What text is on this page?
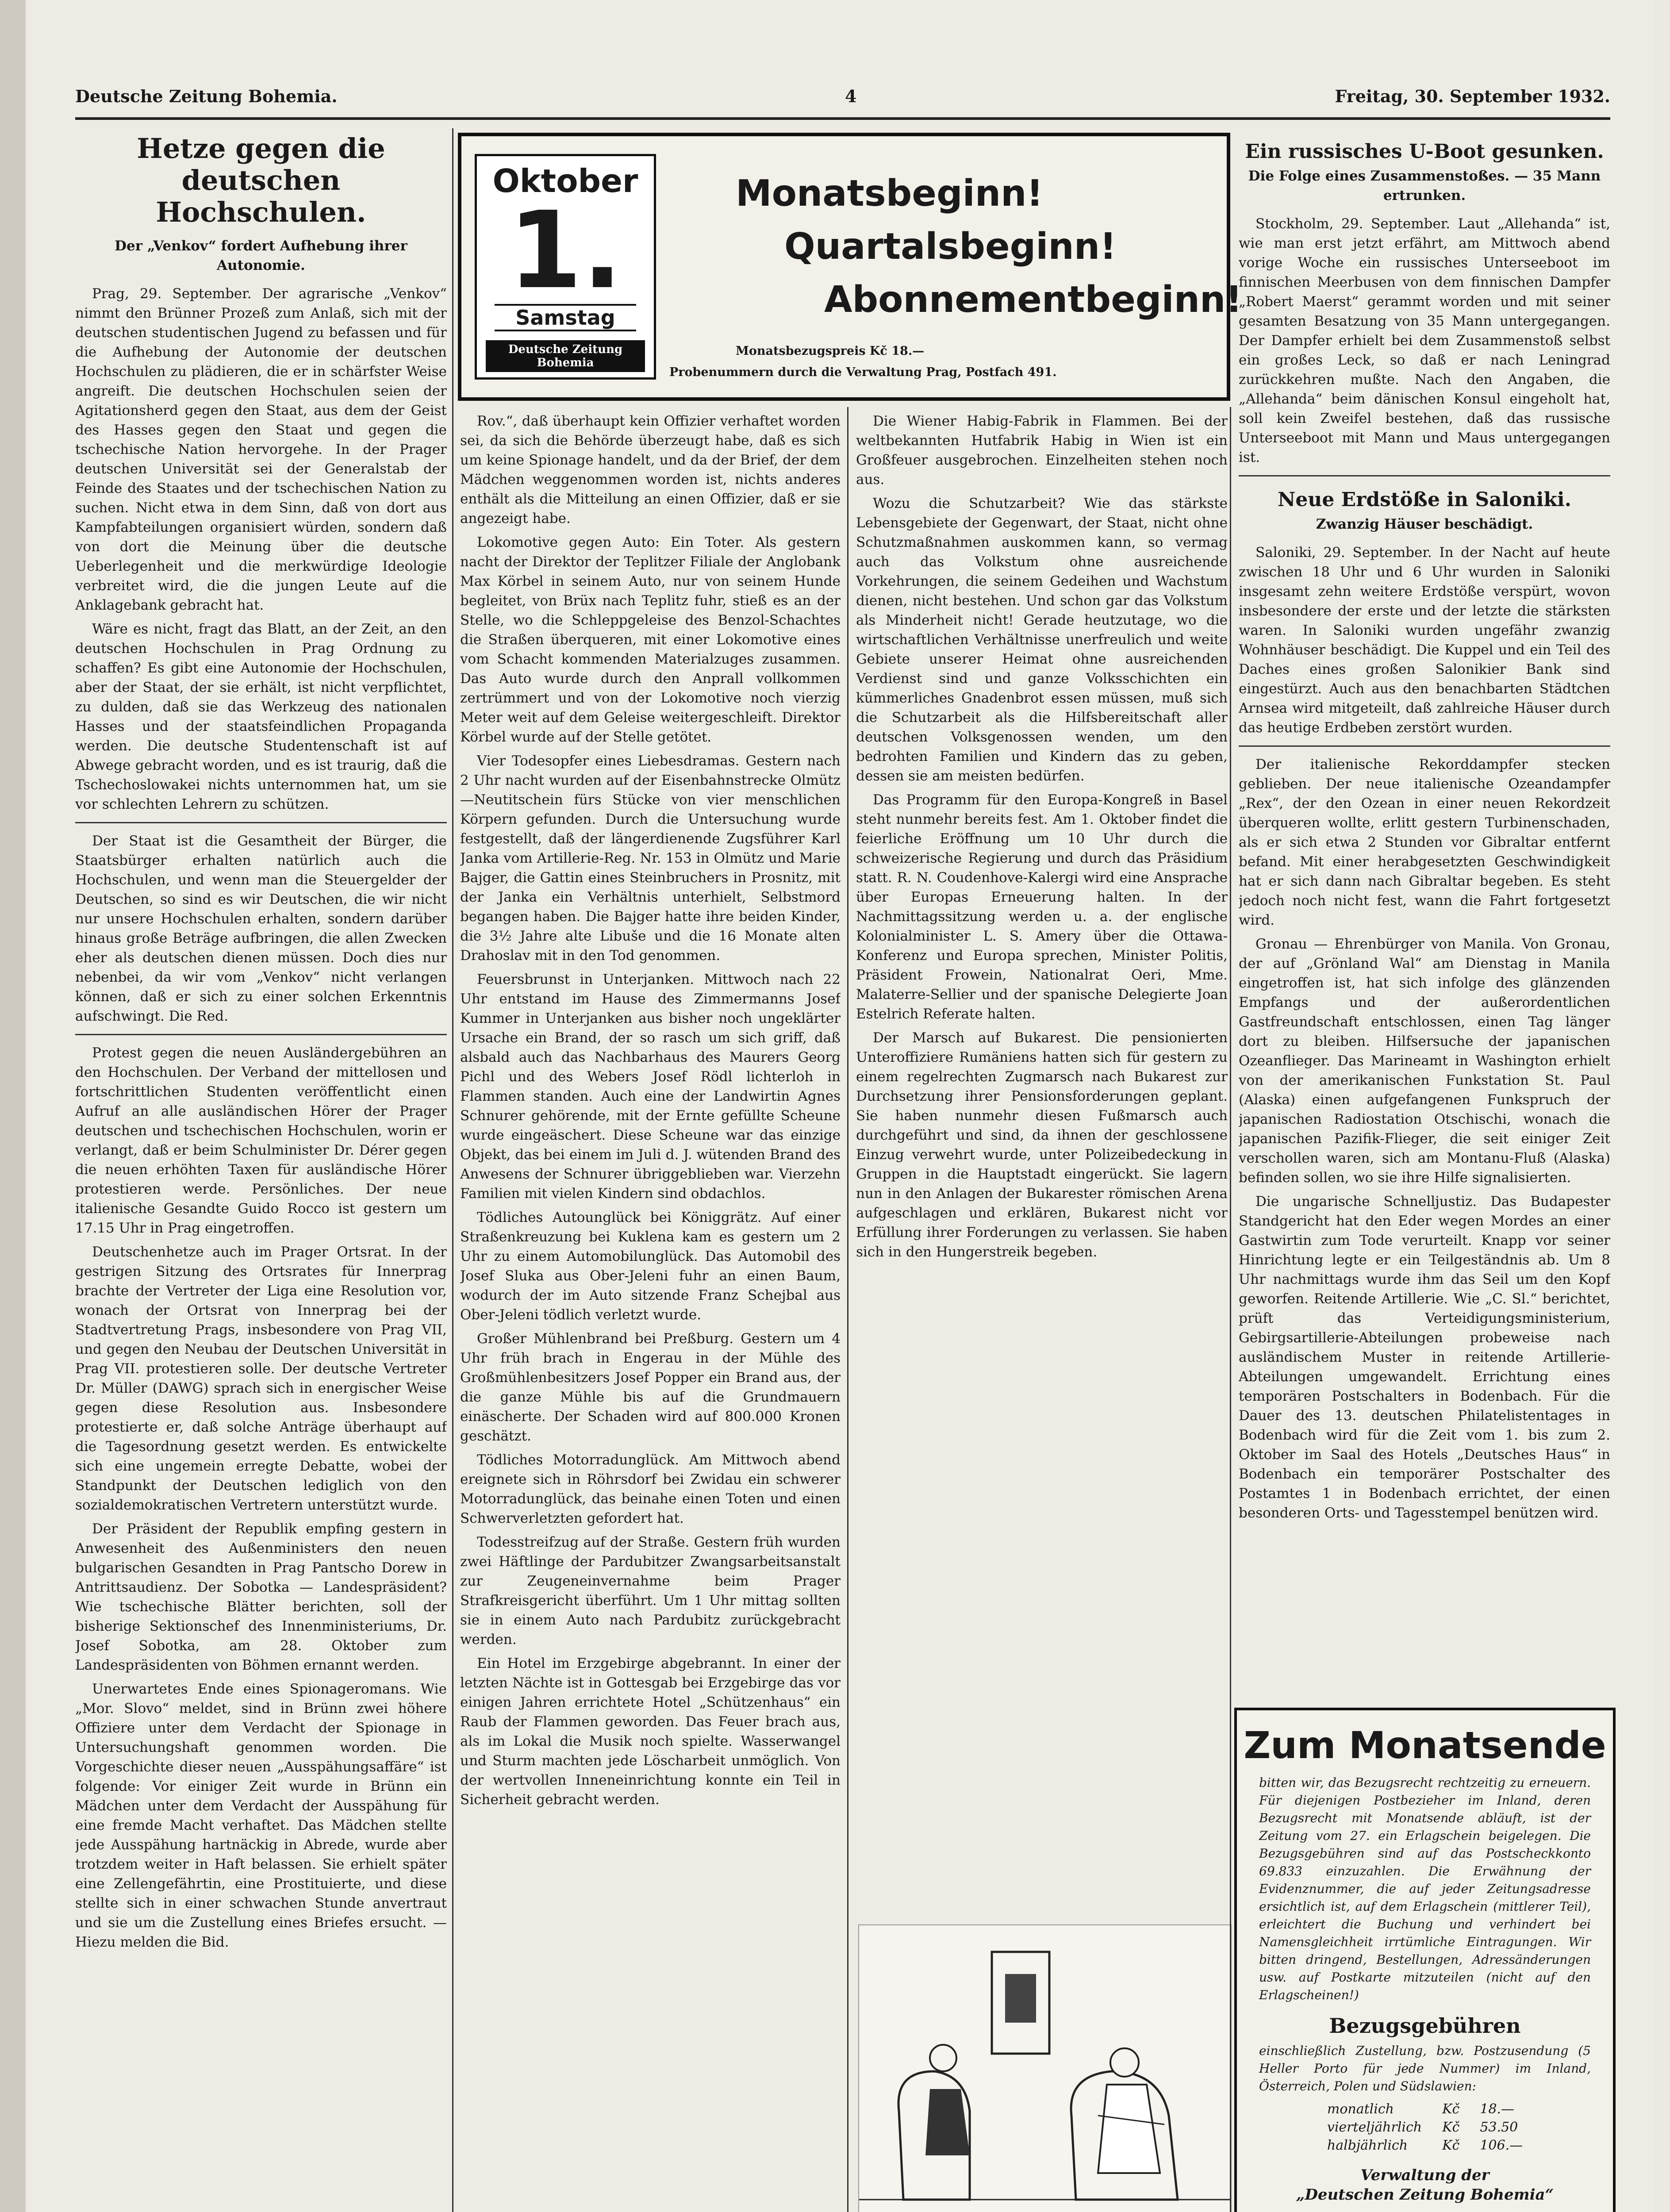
Deutsche Zeitung Bohemia.	4	Freitag, 30. September 1932.
Hetze gegen die deutschen Hochschulen.
Der „Venkov“ fordert Aufhebung ihrer Autonomie.

Prag, 29. September. Der agrarische „Venkov“ nimmt den Brünner Prozeß zum Anlaß, sich mit der deutschen studentischen Jugend zu befassen und für die Aufhebung der Autonomie der deutschen Hochschulen zu plädieren, die er in schärfster Weise angreift. Die deutschen Hochschulen seien der Agitationsherd gegen den Staat, aus dem der Geist des Hasses gegen den Staat und gegen die tschechische Nation hervorgehe. In der Prager deutschen Universität sei der Generalstab der Feinde des Staates und der tschechischen Nation zu suchen. Nicht etwa in dem Sinn, daß von dort aus Kampfabteilungen organisiert würden, sondern daß von dort die Meinung über die deutsche Ueberlegenheit und die merkwürdige Ideologie verbreitet wird, die die jungen Leute auf die Anklagebank gebracht hat.

Wäre es nicht, fragt das Blatt, an der Zeit, an den deutschen Hochschulen in Prag Ordnung zu schaffen? Es gibt eine Autonomie der Hochschulen, aber der Staat, der sie erhält, ist nicht verpflichtet, zu dulden, daß sie das Werkzeug des nationalen Hasses und der staatsfeindlichen Propaganda werden. Die deutsche Studentenschaft ist auf Abwege gebracht worden, und es ist traurig, daß die Tschechoslowakei nichts unternommen hat, um sie vor schlechten Lehrern zu schützen.

Der Staat ist die Gesamtheit der Bürger, die Staatsbürger erhalten natürlich auch die Hochschulen, und wenn man die Steuergelder der Deutschen, so sind es wir Deutschen, die wir nicht nur unsere Hochschulen erhalten, sondern darüber hinaus große Beträge aufbringen, die allen Zwecken eher als deutschen dienen müssen. Doch dies nur nebenbei, da wir vom „Venkov“ nicht verlangen können, daß er sich zu einer solchen Erkenntnis aufschwingt. Die Red.

Protest gegen die neuen Ausländergebühren an den Hochschulen. Der Verband der mittellosen und fortschrittlichen Studenten veröffentlicht einen Aufruf an alle ausländischen Hörer der Prager deutschen und tschechischen Hochschulen, worin er verlangt, daß er beim Schulminister Dr. Dérer gegen die neuen erhöhten Taxen für ausländische Hörer protestieren werde. Persönliches. Der neue italienische Gesandte Guido Rocco ist gestern um 17.15 Uhr in Prag eingetroffen.

Deutschenhetze auch im Prager Ortsrat. In der gestrigen Sitzung des Ortsrates für Innerprag brachte der Vertreter der Liga eine Resolution vor, wonach der Ortsrat von Innerprag bei der Stadtvertretung Prags, insbesondere von Prag VII, und gegen den Neubau der Deutschen Universität in Prag VII. protestieren solle. Der deutsche Vertreter Dr. Müller (DAWG) sprach sich in energischer Weise gegen diese Resolution aus. Insbesondere protestierte er, daß solche Anträge überhaupt auf die Tagesordnung gesetzt werden. Es entwickelte sich eine ungemein erregte Debatte, wobei der Standpunkt der Deutschen lediglich von den sozialdemokratischen Vertretern unterstützt wurde.

Der Präsident der Republik empfing gestern in Anwesenheit des Außenministers den neuen bulgarischen Gesandten in Prag Pantscho Dorew in Antrittsaudienz. Der Sobotka — Landespräsident? Wie tschechische Blätter berichten, soll der bisherige Sektionschef des Innenministeriums, Dr. Josef Sobotka, am 28. Oktober zum Landespräsidenten von Böhmen ernannt werden.

Unerwartetes Ende eines Spionageromans. Wie „Mor. Slovo“ meldet, sind in Brünn zwei höhere Offiziere unter dem Verdacht der Spionage in Untersuchungshaft genommen worden. Die Vorgeschichte dieser neuen „Ausspähungsaffäre“ ist folgende: Vor einiger Zeit wurde in Brünn ein Mädchen unter dem Verdacht der Ausspähung für eine fremde Macht verhaftet. Das Mädchen stellte jede Ausspähung hartnäckig in Abrede, wurde aber trotzdem weiter in Haft belassen. Sie erhielt später eine Zellengefährtin, eine Prostituierte, und diese stellte sich in einer schwachen Stunde anvertraut und sie um die Zustellung eines Briefes ersucht. — Hiezu melden die Bid.

Oktober
1.
Samstag
Deutsche Zeitung Bohemia
Monatsbeginn!
Quartalsbeginn!
Abonnementbeginn!
Monatsbezugspreis Kč 18.—
Probenummern durch die Verwaltung Prag, Postfach 491.

Rov.“, daß überhaupt kein Offizier verhaftet worden sei, da sich die Behörde überzeugt habe, daß es sich um keine Spionage handelt, und da der Brief, der dem Mädchen weggenommen worden ist, nichts anderes enthält als die Mitteilung an einen Offizier, daß er sie angezeigt habe.

Lokomotive gegen Auto: Ein Toter. Als gestern nacht der Direktor der Teplitzer Filiale der Angloban​k Max Körbel in seinem Auto, nur von seinem Hunde begleitet, von Brüx nach Teplitz fuhr, stieß es an der Stelle, wo die Schleppgeleise des Benzol-Schachtes die Straßen überqueren, mit einer Lokomotive eines vom Schacht kommenden Materialzuges zusammen. Das Auto wurde durch den Anprall vollkommen zertrümmert und von der Lokomotive noch vierzig Meter weit auf dem Geleise weitergeschleift. Direktor Körbel wurde auf der Stelle getötet.

Vier Todesopfer eines Liebesdramas. Gestern nach 2 Uhr nacht wurden auf der Eisenbahnstrecke Olmütz—Neutitschein fürs Stücke von vier menschlichen Körpern gefunden. Durch die Untersuchung wurde festgestellt, daß der längerdienende Zugsführer Karl Janka vom Artillerie-Reg. Nr. 153 in Olmütz und Marie Bajger, die Gattin eines Steinbruchers in Prosnitz, mit der Janka ein Verhältnis unterhielt, Selbstmord begangen haben. Die Bajger hatte ihre beiden Kinder, die 3½ Jahre alte Libuše und die 16 Monate alten Drahoslav mit in den Tod genommen.

Feuersbrunst in Unterjanken. Mittwoch nach 22 Uhr entstand im Hause des Zimmermanns Josef Kummer in Unterjanken aus bisher noch ungeklärter Ursache ein Brand, der so rasch um sich griff, daß alsbald auch das Nachbarhaus des Maurers Georg Pichl und des Webers Josef Rödl lichterloh in Flammen standen. Auch eine der Landwirtin Agnes Schnurer gehörende, mit der Ernte gefüllte Scheune wurde eingeäschert. Diese Scheune war das einzige Objekt, das bei einem im Juli d. J. wütenden Brand des Anwesens der Schnurer übriggeblieben war. Vierzehn Familien mit vielen Kindern sind obdachlos.

Tödliches Autounglück bei Königgrätz. Auf einer Straßenkreuzung bei Kuklena kam es gestern um 2 Uhr zu einem Automobilunglück. Das Automobil des Josef Sluka aus Ober-Jeleni fuhr an einen Baum, wodurch der im Auto sitzende Franz Schejbal aus Ober-Jeleni tödlich verletzt wurde.

Großer Mühlenbrand bei Preßburg. Gestern um 4 Uhr früh brach in Engerau in der Mühle des Großmühlenbesitzers Josef Popper ein Brand aus, der die ganze Mühle bis auf die Grundmauern einäscherte. Der Schaden wird auf 800.000 Kronen geschätzt.

Tödliches Motorradunglück. Am Mittwoch abend ereignete sich in Röhrsdorf bei Zwidau ein schwerer Motorradunglück, das beinahe einen Toten und einen Schwerverletzten gefordert hat.

Todesstreifzug auf der Straße. Gestern früh wurden zwei Häftlinge der Pardubitzer Zwangsarbeitsanstalt zur Zeugeneinvernahme beim Prager Strafkreisgericht überführt. Um 1 Uhr mittag sollten sie in einem Auto nach Pardubitz zurückgebracht werden.

Ein Hotel im Erzgebirge abgebrannt. In einer der letzten Nächte ist in Gottesgab bei Erzgebirge das vor einigen Jahren errichtete Hotel „Schützenhaus“ ein Raub der Flammen geworden. Das Feuer brach aus, als im Lokal die Musik noch spielte. Wasserwangel und Sturm machten jede Löscharbeit unmöglich. Von der wertvollen Inneneinrichtung konnte ein Teil in Sicherheit gebracht werden.

Die Wiener Habig-Fabrik in Flammen. Bei der weltbekannten Hutfabrik Habig in Wien ist ein Großfeuer ausgebrochen. Einzelheiten stehen noch aus.

Wozu die Schutzarbeit? Wie das stärkste Lebensgebiete der Gegenwart, der Staat, nicht ohne Schutzmaßnahmen auskommen kann, so vermag auch das Volkstum ohne ausreichende Vorkehrungen, die seinem Gedeihen und Wachstum dienen, nicht bestehen. Und schon gar das Volkstum als Minderheit nicht! Gerade heutzutage, wo die wirtschaftlichen Verhältnisse unerfreulich und weite Gebiete unserer Heimat ohne ausreichenden Verdienst sind und ganze Volksschichten ein kümmerliches Gnadenbrot essen müssen, muß sich die Schutzarbeit als die Hilfsbereitschaft aller deutschen Volksgenossen wenden, um den bedrohten Familien und Kindern das zu geben, dessen sie am meisten bedürfen.

Das Programm für den Europa-Kongreß in Basel steht nunmehr bereits fest. Am 1. Oktober findet die feierliche Eröffnung um 10 Uhr durch die schweizerische Regierung und durch das Präsidium statt. R. N. Coudenhove-Kalergi wird eine Ansprache über Europas Erneuerung halten. In der Nachmittagssitzung werden u. a. der englische Kolonialminister L. S. Amery über die Ottawa-Konferenz und Europa sprechen, Minister Politis, Präsident Frowein, Nationalrat Oeri, Mme. Malaterre-Sellier und der spanische Delegierte Joan Estelrich Referate halten.

Der Marsch auf Bukarest. Die pensionierten Unteroffiziere Rumäniens hatten sich für gestern zu einem regelrechten Zugmarsch nach Bukarest zur Durchsetzung ihrer Pensionsforderungen geplant. Sie haben nunmehr diesen Fußmarsch auch durchgeführt und sind, da ihnen der geschlossene Einzug verwehrt wurde, unter Polizeibedeckung in Gruppen in die Hauptstadt eingerückt. Sie lagern nun in den Anlagen der Bukarester römischen Arena aufgeschlagen und erklären, Bukarest nicht vor Erfüllung ihrer Forderungen zu verlassen. Sie haben sich in den Hungerstreik begeben.

Ein russisches U-Boot gesunken.
Die Folge eines Zusammenstoßes. — 35 Mann ertrunken.

Stockholm, 29. September. Laut „Allehanda“ ist, wie man erst jetzt erfährt, am Mittwoch abend vorige Woche ein russisches Unterseeboot im finnischen Meerbusen von dem finnischen Dampfer „Robert Maerst“ gerammt worden und mit seiner gesamten Besatzung von 35 Mann untergegangen. Der Dampfer erhielt bei dem Zusammenstoß selbst ein großes Leck, so daß er nach Leningrad zurückkehren mußte. Nach den Angaben, die „Allehanda“ beim dänischen Konsul eingeholt hat, soll kein Zweifel bestehen, daß das russische Unterseeboot mit Mann und Maus untergegangen ist.

Neue Erdstöße in Saloniki.
Zwanzig Häuser beschädigt.

Saloniki, 29. September. In der Nacht auf heute zwischen 18 Uhr und 6 Uhr wurden in Saloniki insgesamt zehn weitere Erdstöße verspürt, wovon insbesondere der erste und der letzte die stärksten waren. In Saloniki wurden ungefähr zwanzig Wohnhäuser beschädigt. Die Kuppel und ein Teil des Daches eines großen Salonikier Bank sind eingestürzt. Auch aus den benachbarten Städtchen Arnsea wird mitgeteilt, daß zahlreiche Häuser durch das heutige Erdbeben zerstört wurden.

Der italienische Rekorddampfer stecken geblieben. Der neue italienische Ozeandampfer „Rex“, der den Ozean in einer neuen Rekordzeit überqueren wollte, erlitt gestern Turbinenschaden, als er sich etwa 2 Stunden vor Gibraltar entfernt befand. Mit einer herabgesetzten Geschwindigkeit hat er sich dann nach Gibraltar begeben. Es steht jedoch noch nicht fest, wann die Fahrt fortgesetzt wird.

Gronau — Ehrenbürger von Manila. Von Gronau, der auf „Grönland Wal“ am Dienstag in Manila eingetroffen ist, hat sich infolge des glänzenden Empfangs und der außerordentlichen Gastfreundschaft entschlossen, einen Tag länger dort zu bleiben. Hilfsersuche der japanischen Ozeanflieger. Das Marineamt in Washington erhielt von der amerikanischen Funkstation St. Paul (Alaska) einen aufgefangenen Funkspruch der japanischen Radiostation Otschischi, wonach die japanischen Pazifik-Flieger, die seit einiger Zeit verschollen waren, sich am Montanu-Fluß (Alaska) befinden sollen, wo sie ihre Hilfe signalisierten.

Die ungarische Schnelljustiz. Das Budapester Standgericht hat den Eder wegen Mordes an einer Gastwirtin zum Tode verurteilt. Knapp vor seiner Hinrichtung legte er ein Teilgeständnis ab. Um 8 Uhr nachmittags wurde ihm das Seil um den Kopf geworfen. Reitende Artillerie. Wie „C. Sl.“ berichtet, prüft das Verteidigungsministerium, Gebirgsartillerie-Abteilungen probeweise nach ausländischem Muster in reitende Artillerie-Abteilungen umgewandelt. Errichtung eines temporären Postschalters in Bodenbach. Für die Dauer des 13. deutschen Philatelistentages in Bodenbach wird für die Zeit vom 1. bis zum 2. Oktober im Saal des Hotels „Deutsches Haus“ in Bodenbach ein temporärer Postschalter des Postamtes 1 in Bodenbach errichtet, der einen besonderen Orts- und Tagesstempel benützen wird.

Zum Monatsende
bitten wir, das Bezugsrecht rechtzeitig zu erneuern. Für diejenigen Postbezieher im Inland, deren Bezugsrecht mit Monatsende abläuft, ist der Zeitung vom 27. ein Erlagschein beigelegen. Die Bezugsgebühren sind auf das Postscheckkonto 69.833 einzuzahlen. Die Erwähnung der Evidenznummer, die auf jeder Zeitungsadresse ersichtlich ist, auf dem Erlagschein (mittlerer Teil), erleichtert die Buchung und verhindert bei Namensgleichheit irrtümliche Eintragungen. Wir bitten dringend, Bestellungen, Adressänderungen usw. auf Postkarte mitzuteilen (nicht auf den Erlagscheinen!)
Bezugsgebühren
einschließlich Zustellung, bzw. Postzusendung (5 Heller Porto für jede Nummer) im Inland, Österreich, Polen und Südslawien:
monatlich	Kč	18.—
vierteljährlich	Kč	53.50
halbjährlich	Kč	106.—
Verwaltung der
„Deutschen Zeitung Bohemia“
